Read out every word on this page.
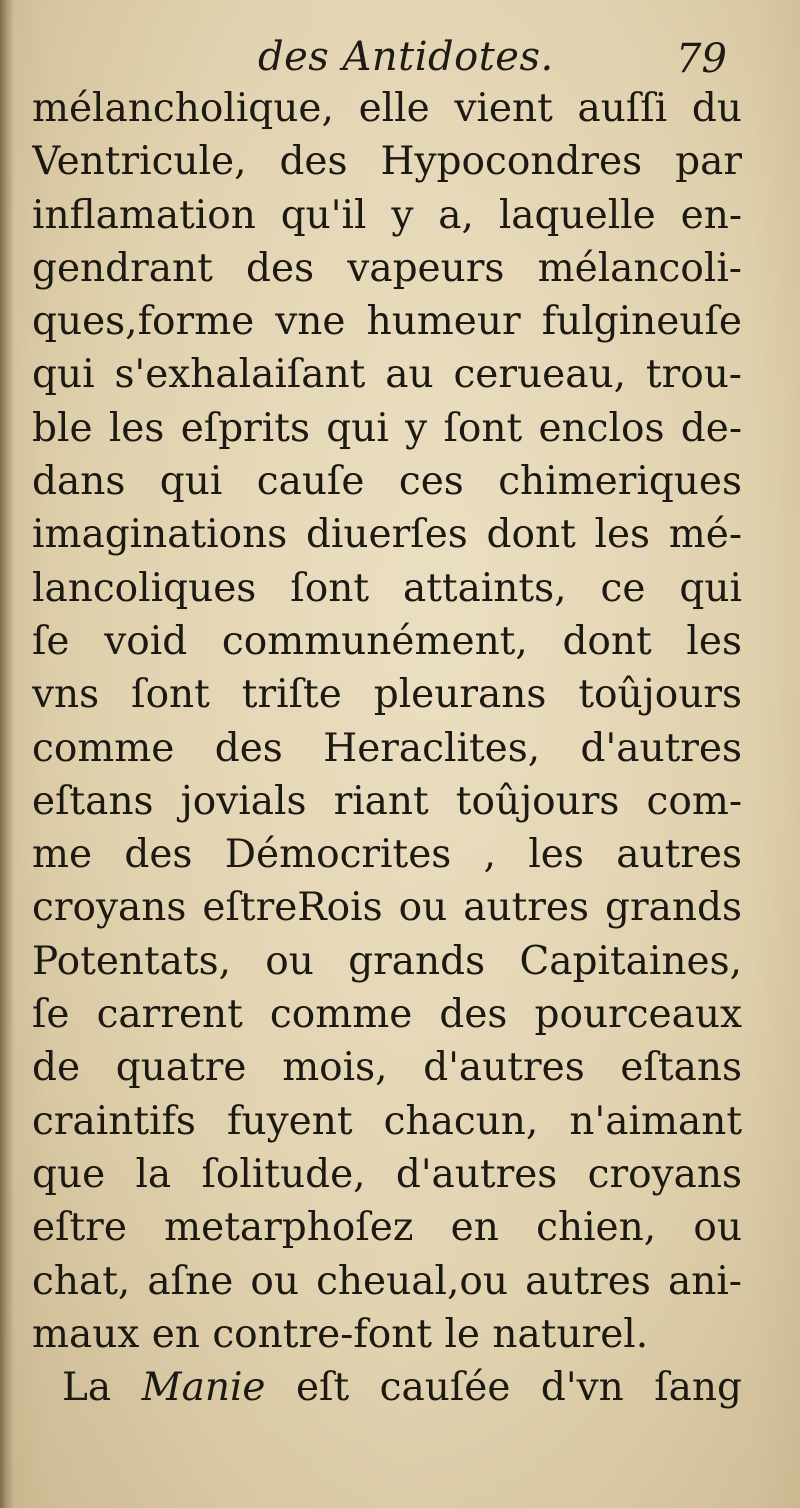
des Antidotes.	79
mélancholique, elle vient auſſi du
Ventricule, des Hypocondres par
inflamation qu'il y a, laquelle en-
gendrant des vapeurs mélancoli-
ques,forme vne humeur fulgineuſe
qui s'exhalaiſant au cerueau, trou-
ble les eſprits qui y ſont enclos de-
dans qui cauſe ces chimeriques
imaginations diuerſes dont les mé-
lancoliques ſont attaints, ce qui
ſe void communément, dont les
vns ſont triſte pleurans toûjours
comme des Heraclites, d'autres
eſtans jovials riant toûjours com-
me des Démocrites , les autres
croyans eſtreRois ou autres grands
Potentats, ou grands Capitaines,
ſe carrent comme des pourceaux
de quatre mois, d'autres eſtans
craintifs fuyent chacun, n'aimant
que la ſolitude, d'autres croyans
eſtre metarphoſez en chien, ou
chat, aſne ou cheual,ou autres ani-
maux en contre-font le naturel.
La Manie eſt cauſée d'vn ſang
